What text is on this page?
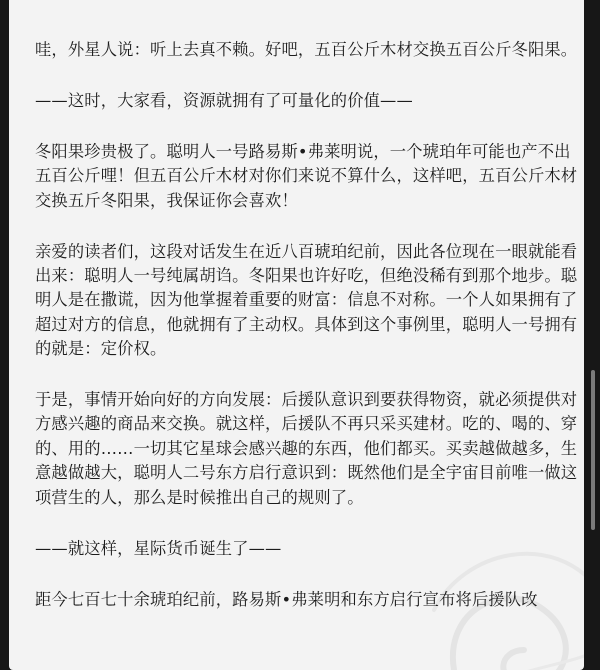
哇，外星人说：听上去真不赖。好吧，五百公斤木材交换五百公斤冬阳果。

——这时，大家看，资源就拥有了可量化的价值——

冬阳果珍贵极了。聪明人一号路易斯•弗莱明说，一个琥珀年可能也产不出五百公斤哩！但五百公斤木材对你们来说不算什么，这样吧，五百公斤木材交换五斤冬阳果，我保证你会喜欢！

亲爱的读者们，这段对话发生在近八百琥珀纪前，因此各位现在一眼就能看出来：聪明人一号纯属胡诌。冬阳果也许好吃，但绝没稀有到那个地步。聪明人是在撒谎，因为他掌握着重要的财富：信息不对称。一个人如果拥有了超过对方的信息，他就拥有了主动权。具体到这个事例里，聪明人一号拥有的就是：定价权。

于是，事情开始向好的方向发展：后援队意识到要获得物资，就必须提供对方感兴趣的商品来交换。就这样，后援队不再只采买建材。吃的、喝的、穿的、用的……一切其它星球会感兴趣的东西，他们都买。买卖越做越多，生意越做越大，聪明人二号东方启行意识到：既然他们是全宇宙目前唯一做这项营生的人，那么是时候推出自己的规则了。

——就这样，星际货币诞生了——

距今七百七十余琥珀纪前，路易斯•弗莱明和东方启行宣布将后援队改
